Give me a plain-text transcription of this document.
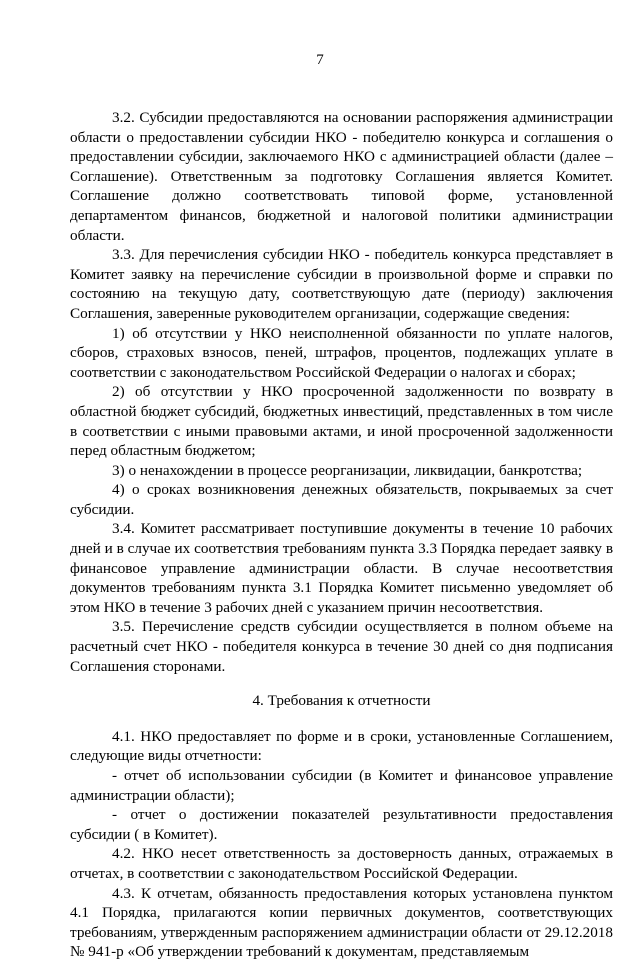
7

3.2. Субсидии предоставляются на основании распоряжения администрации области о предоставлении субсидии НКО - победителю конкурса и соглашения о предоставлении субсидии, заключаемого НКО с администрацией области (далее – Соглашение). Ответственным за подготовку Соглашения является Комитет. Соглашение должно соответствовать типовой форме, установленной департаментом финансов, бюджетной и налоговой политики администрации области.

3.3. Для перечисления субсидии НКО - победитель конкурса представляет в Комитет заявку на перечисление субсидии в произвольной форме и справки по состоянию на текущую дату, соответствующую дате (периоду) заключения Соглашения, заверенные руководителем организации, содержащие сведения:

1) об отсутствии у НКО неисполненной обязанности по уплате налогов, сборов, страховых взносов, пеней, штрафов, процентов, подлежащих уплате в соответствии с законодательством Российской Федерации о налогах и сборах;

2) об отсутствии у НКО просроченной задолженности по возврату в областной бюджет субсидий, бюджетных инвестиций, представленных в том числе в соответствии с иными правовыми актами, и иной просроченной задолженности перед областным бюджетом;

3) о ненахождении в процессе реорганизации, ликвидации, банкротства;

4) о сроках возникновения денежных обязательств, покрываемых за счет субсидии.

3.4. Комитет рассматривает поступившие документы в течение 10 рабочих дней и в случае их соответствия требованиям пункта 3.3 Порядка передает заявку в финансовое управление администрации области. В случае несоответствия документов требованиям пункта 3.1 Порядка Комитет письменно уведомляет об этом НКО в течение 3 рабочих дней с указанием причин несоответствия.

3.5. Перечисление средств субсидии осуществляется в полном объеме на расчетный счет НКО - победителя конкурса в течение 30 дней со дня подписания Соглашения сторонами.

4. Требования к отчетности

4.1. НКО предоставляет по форме и в сроки, установленные Соглашением, следующие виды отчетности:

- отчет об использовании субсидии (в Комитет и финансовое управление администрации области);

- отчет о достижении показателей результативности предоставления субсидии ( в Комитет).

4.2. НКО несет ответственность за достоверность данных, отражаемых в отчетах, в соответствии с законодательством Российской Федерации.

4.3. К отчетам, обязанность предоставления которых установлена пунктом 4.1 Порядка, прилагаются копии первичных документов, соответствующих требованиям, утвержденным распоряжением администрации области от 29.12.2018 № 941-р «Об утверждении требований к документам, представляемым
